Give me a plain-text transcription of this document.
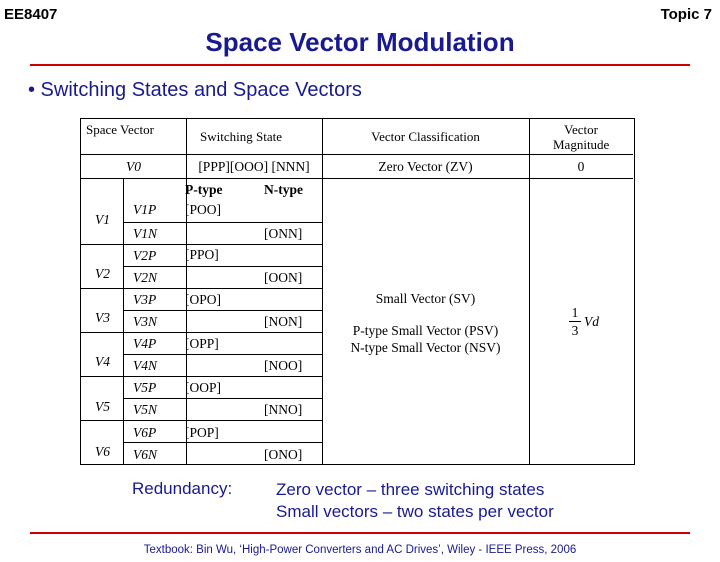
EE8407	Topic 7
Space Vector Modulation
• Switching States and Space Vectors
Space Vector	Switching State	Vector Classification	Vector Magnitude
V0	[PPP][OOO] [NNN]	Zero Vector (ZV)	0
P-type	N-type
V1
V1P [POO]
V1N	[ONN]
V2
V2P [PPO]
V2N	[OON]
V3
V3P [OPO]
V3N	[NON]
V4
V4P [OPP]
V4N	[NOO]
V5
V5P [OOP]
V5N	[NNO]
V6
V6P [POP]
V6N	[ONO]
Small Vector (SV)
P-type Small Vector (PSV)
N-type Small Vector (NSV)
1
3
Vd
Redundancy:	Zero vector – three switching states
Small vectors – two states per vector
Textbook: Bin Wu, ‘High-Power Converters and AC Drives’, Wiley - IEEE Press, 2006
